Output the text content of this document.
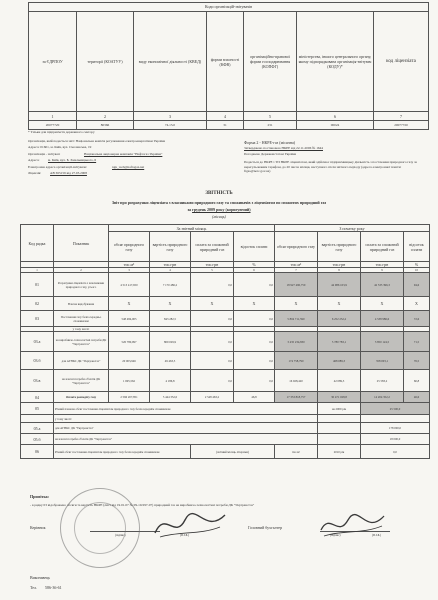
Коди організацій-звітувачів						
за ЄДРПОУ	території (КОАТУУ)	виду економічної діяльності (КВЕД)	форми власності (КФВ)	організаційно-правової форми господарювання (КОПФГ)	міністерства, іншого центрального органу, якому підпорядкована організація-звітувач (КОДУ)*	код ліцензіата
1	2	3	4	5	6	7
20077720	80366	74.15.0	31	231	00024	20077720
* Тільки для підприємств державного сектору
Організація, якій подається звіт: Національна комісія регулювання електроенергетики України
Адреса: 01601, м. Київ, вул. Смоленська, 19
Організація - звітувач:	Національна акціонерна компанія "Нафтогаз України"
Адреса:	м. Київ, вул. Б. Хмельницького, 6
Електронна адреса організації-звітувача:	ngu_web@naftogaz.net
Ліцензія:	АВ 365159 від 27.03.2008
Форма 2 - НКРЕ-газ (місячна)
Затверджено постановою НКРЕ від 22.11.2006 № 1644
Погоджено Держкомстатом України
Подається до НКРЕ і ТП НКРЕ ліцензіатом, який здійснює підприємницьку діяльність з постачання природного газу за нерегульованим тарифом, до 20 числа місяця, наступного після звітного періоду (адреса електронної пошти: ftgas@nerc.gov.ua)
ЗВІТНІСТЬ
Звіт про розрахунки ліцензіата з власниками природного газу та споживачів з ліцензіатом по спожитих природний газ
за грудень 2009 року (коригуючий)
(місяць)
Код рядка	Показник	За звітний місяць				З початку року			
		обсяг природного газу	вартість природного газу	сплата за спожитий природний газ	відсоток сплати	обсяг природного газу	вартість природного газу	сплата за спожитий природний газ	відсоток сплати
		тис.м³	тис.грн	тис.грн	%	тис.м³	тис.грн	тис.грн	%
1	2	3	4	5	6	7	8	9	10
01	Розрахунки ліцензіата з власниками природного газу, усього	4 513 417,650	7 170 486,2	0,0	0,0	18 927 490,750	44 986 103,9	42 535 396,3	94,6
02	Власне видобування	X	X	X	X	X	X	X	X
03	Постачання газу безпосередньо споживачам	548 484,005	843 282,5	0,0	0,0	5 804 711,590	6 252 252,2	4 538 986,6	72,6
	у тому числі:								
03.a	на виробничо-технологічні потреби ДК "Укртрансгаз"	526 780,997	809 029,9	0,0	0,0	3 435 234,830	5 780 783,1	3 850 124,5	71,5
03.б	для АГНКС ДК "Укртрансгаз"	20 003,946	49 463,5	0,0	0,0	174 758,790	468 089,3	358 003,1	76,5
03.в	на власні потреби об'єктів ДК "Укртрансгаз"	1 695,562	4 186,8	0,0	0,0	16 928,420	42 089,3	25 583,2	60,8
04	Оплата розподілу газу	2 566 207,851	5 444 352,0	2 548 463,2	46,8	17 353 818,757	30 471 028,8	14 204 352,2	46,6
05	Річний планова обсяг постачання ліцензіатом природного газу безпосереднім споживачам						на 2009 рік	25 500,0	
	у тому числі:								
05.а	для АГНКС ДК "Укртрансгаз"							178 000,0	
05.б	на власні потреби об'єктів ДК "Укртрансгаз"							18 000,0	
06	Річний обсяг постачання ліцензіатом природного газу безпосереднім споживачам			(звітний місяць літерами)		тис.м³	2010 рік	0,0	
Примітка:
- в рядку 03 відображено обсяги та вартість НКРЕ (лист від 19.01.07 № 09-10/297-07) природний газ на виробничо-технологічні потреби ДК "Укртрансгаз"
Керівник
(підпис)	(П.І.Б.)
Головний бухгалтер
(підпис)	(П.І.Б.)
Виконавець
Тел. 586-36-61
